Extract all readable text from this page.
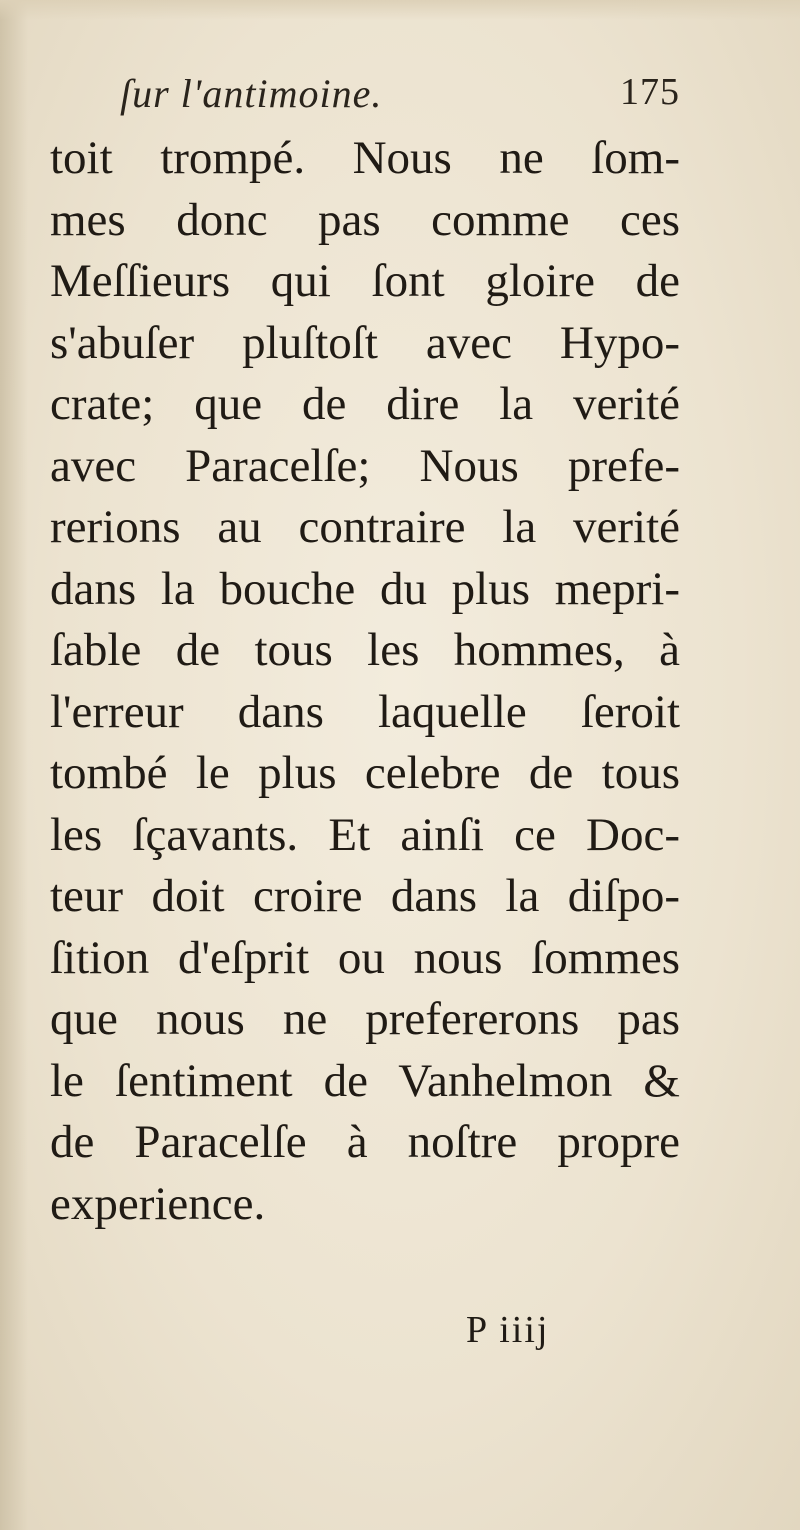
ſur l'antimoine.	175
toit trompé. Nous ne ſom-
mes donc pas comme ces
Meſſieurs qui ſont gloire de
s'abuſer pluſtoſt avec Hypo-
crate; que de dire la verité
avec Paracelſe; Nous prefe-
rerions au contraire la verité
dans la bouche du plus mepri-
ſable de tous les hommes, à
l'erreur dans laquelle ſeroit
tombé le plus celebre de tous
les ſçavants. Et ainſi ce Doc-
teur doit croire dans la diſpo-
ſition d'eſprit ou nous ſommes
que nous ne prefererons pas
le ſentiment de Vanhelmon &
de Paracelſe à noſtre propre
experience.
P iiij
